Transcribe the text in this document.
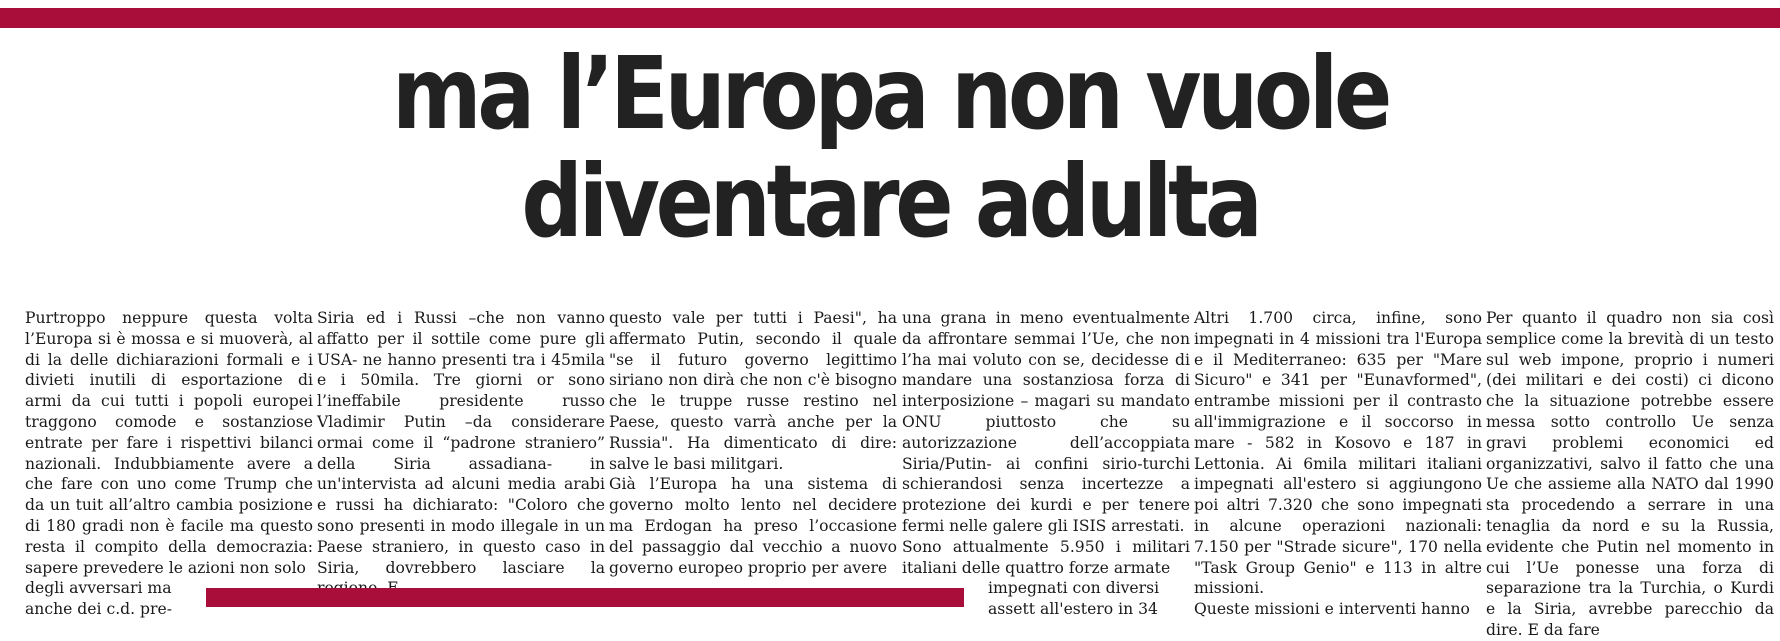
ma l’Europa non vuole
diventare adulta

Purtroppo neppure questa volta l’Europa si è mossa e si muoverà, al di la delle dichiarazioni formali e i divieti inutili di esportazione di armi da cui tutti i popoli europei traggono comode e sostanziose entrate per fare i rispettivi bilanci nazionali. Indubbiamente avere a che fare con uno come Trump che da un tuit all’altro cambia posizione di 180 gradi non è facile ma questo resta il compito della democrazia: sapere prevedere le azioni non solo

degli avversari ma
anche dei c.d. pre-

Siria ed i Russi –che non vanno affatto per il sottile come pure gli USA- ne hanno presenti tra i 45mila e i 50mila. Tre giorni or sono l’ineffabile presidente russo Vladimir Putin –da considerare ormai come il “padrone straniero” della Siria assadiana- in un'intervista ad alcuni media arabi e russi ha dichiarato: "Coloro che sono presenti in modo illegale in un Paese straniero, in questo caso in Siria, dovrebbero lasciare la

questo vale per tutti i Paesi", ha affermato Putin, secondo il quale "se il futuro governo legittimo siriano non dirà che non c'è bisogno che le truppe russe restino nel Paese, questo varrà anche per la Russia". Ha dimenticato di dire: salve le basi militgari.

Già l’Europa ha una sistema di governo molto lento nel decidere ma Erdogan ha preso l’occasione del passaggio dal vecchio a nuovo governo europeo proprio per avere

una grana in meno eventualmente da affrontare semmai l’Ue, che non l’ha mai voluto con se, decidesse di mandare una sostanziosa forza di interposizione – magari su mandato ONU piuttosto che su autorizzazione dell’accoppiata Siria/Putin- ai confini sirio-turchi schierandosi senza incertezze a protezione dei kurdi e per tenere fermi nelle galere gli ISIS arrestati.

Sono attualmente 5.950 i militari italiani delle quattro forze armate

impegnati con diversi
assett all'estero in 34

Altri 1.700 circa, infine, sono impegnati in 4 missioni tra l'Europa e il Mediterraneo: 635 per "Mare Sicuro" e 341 per "Eunavformed", entrambe missioni per il contrasto all'immigrazione e il soccorso in mare - 582 in Kosovo e 187 in Lettonia. Ai 6mila militari italiani impegnati all'estero si aggiungono poi altri 7.320 che sono impegnati in alcune operazioni nazionali: 7.150 per "Strade sicure", 170 nella "Task Group Genio" e 113 in altre missioni.

Queste missioni e interventi hanno

Per quanto il quadro non sia così semplice come la brevità di un testo sul web impone, proprio i numeri (dei militari e dei costi) ci dicono che la situazione potrebbe essere messa sotto controllo Ue senza gravi problemi economici ed organizzativi, salvo il fatto che una Ue che assieme alla NATO dal 1990 sta procedendo a serrare in una tenaglia da nord e su la Russia, evidente che Putin nel momento in cui l’Ue ponesse una forza di separazione tra la Turchia, o Kurdi e la Siria, avrebbe parecchio da dire. E da fare
